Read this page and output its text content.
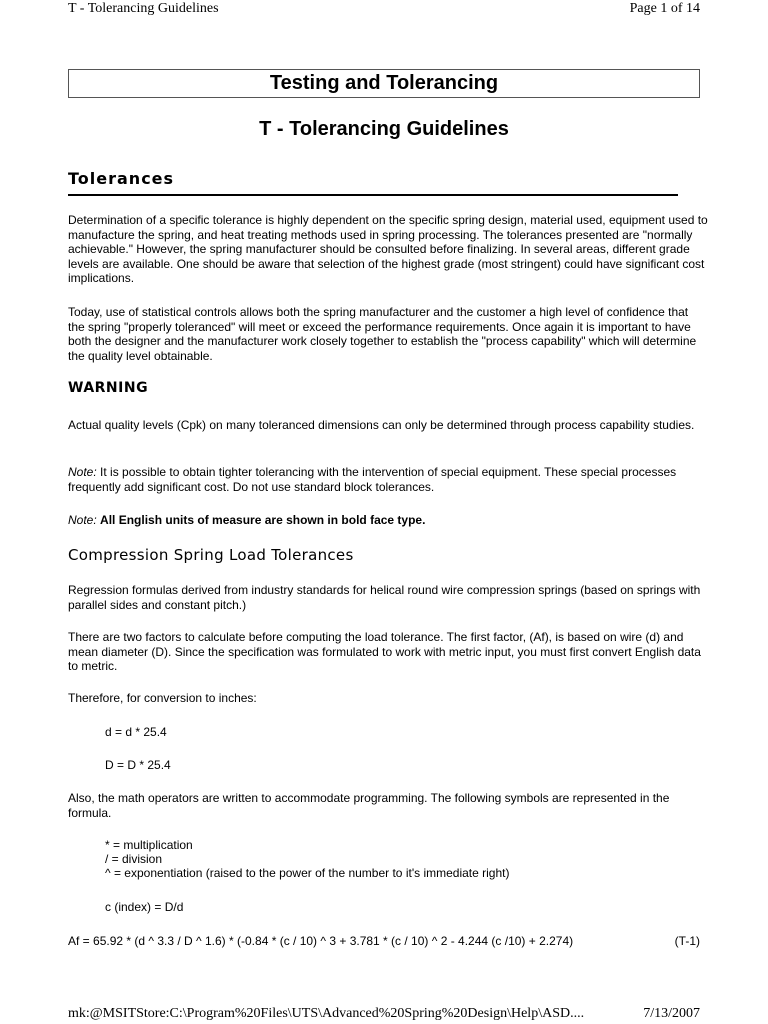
T - Tolerancing Guidelines	Page 1 of 14
Testing and Tolerancing
T - Tolerancing Guidelines
Tolerances
Determination of a specific tolerance is highly dependent on the specific spring design, material used, equipment used to manufacture the spring, and heat treating methods used in spring processing. The tolerances presented are "normally achievable." However, the spring manufacturer should be consulted before finalizing. In several areas, different grade levels are available. One should be aware that selection of the highest grade (most stringent) could have significant cost implications.
Today, use of statistical controls allows both the spring manufacturer and the customer a high level of confidence that the spring "properly toleranced" will meet or exceed the performance requirements. Once again it is important to have both the designer and the manufacturer work closely together to establish the "process capability" which will determine the quality level obtainable.
WARNING
Actual quality levels (Cpk) on many toleranced dimensions can only be determined through process capability studies.
Note: It is possible to obtain tighter tolerancing with the intervention of special equipment. These special processes frequently add significant cost. Do not use standard block tolerances.
Note: All English units of measure are shown in bold face type.
Compression Spring Load Tolerances
Regression formulas derived from industry standards for helical round wire compression springs (based on springs with parallel sides and constant pitch.)
There are two factors to calculate before computing the load tolerance. The first factor, (Af), is based on wire (d) and mean diameter (D). Since the specification was formulated to work with metric input, you must first convert English data to metric.
Therefore, for conversion to inches:
d = d * 25.4
D = D * 25.4
Also, the math operators are written to accommodate programming. The following symbols are represented in the formula.
* = multiplication
/ = division
^ = exponentiation (raised to the power of the number to it's immediate right)
c (index) = D/d
Af = 65.92 * (d ^ 3.3 / D ^ 1.6) * (-0.84 * (c / 10) ^ 3 + 3.781 * (c / 10) ^ 2 - 4.244 (c /10) + 2.274)	(T-1)
mk:@MSITStore:C:\Program%20Files\UTS\Advanced%20Spring%20Design\Help\ASD....	7/13/2007
